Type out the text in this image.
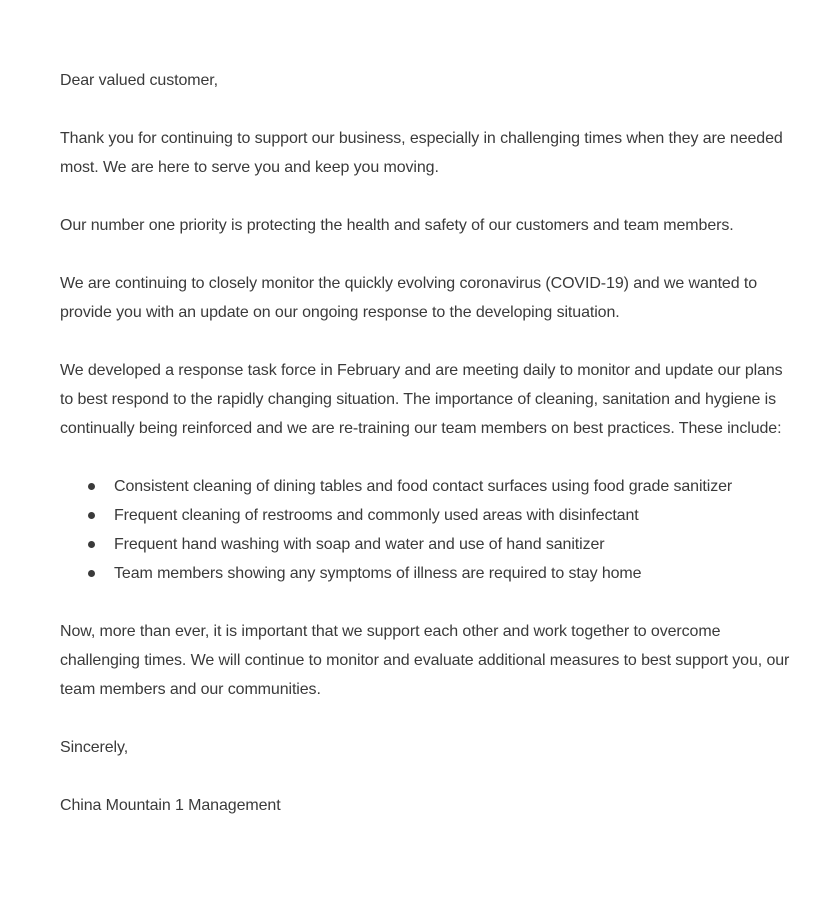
Dear valued customer,

Thank you for continuing to support our business, especially in challenging times when they are needed most. We are here to serve you and keep you moving.

Our number one priority is protecting the health and safety of our customers and team members.

We are continuing to closely monitor the quickly evolving coronavirus (COVID-19) and we wanted to provide you with an update on our ongoing response to the developing situation.

We developed a response task force in February and are meeting daily to monitor and update our plans to best respond to the rapidly changing situation. The importance of cleaning, sanitation and hygiene is continually being reinforced and we are re-training our team members on best practices. These include:

Consistent cleaning of dining tables and food contact surfaces using food grade sanitizer
Frequent cleaning of restrooms and commonly used areas with disinfectant
Frequent hand washing with soap and water and use of hand sanitizer
Team members showing any symptoms of illness are required to stay home

Now, more than ever, it is important that we support each other and work together to overcome challenging times. We will continue to monitor and evaluate additional measures to best support you, our team members and our communities.

Sincerely,

China Mountain 1 Management
